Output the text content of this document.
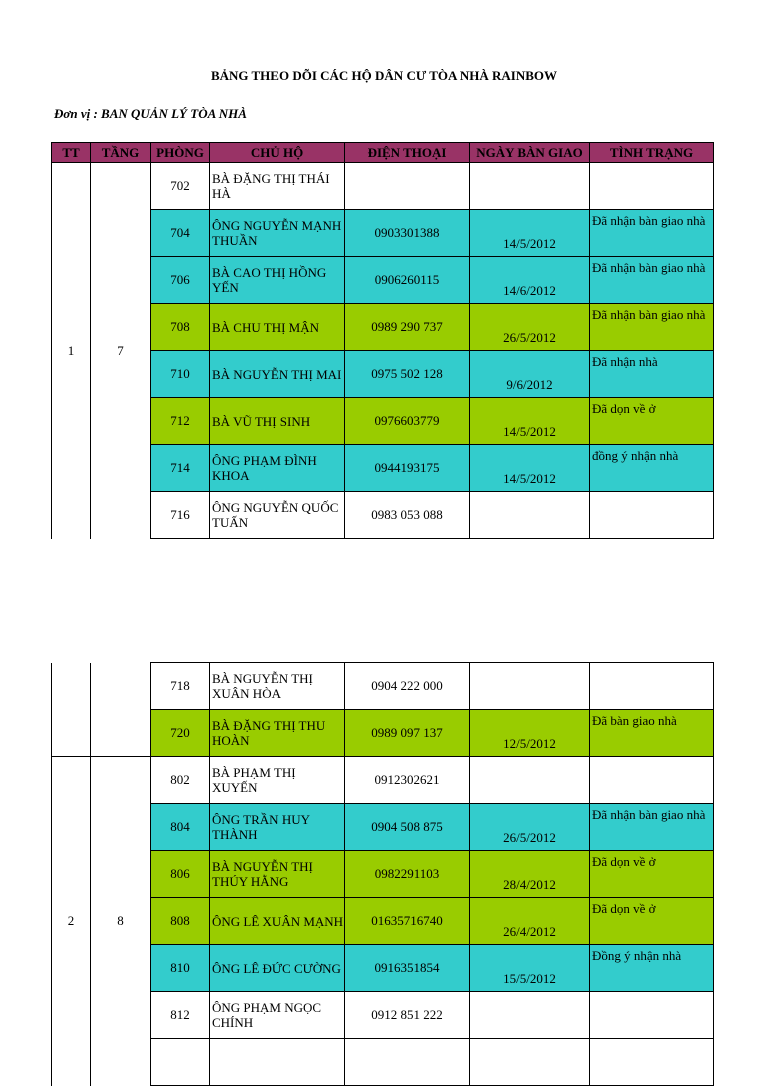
BẢNG THEO DÕI CÁC HỘ DÂN CƯ TÒA NHÀ RAINBOW
Đơn vị : BAN QUẢN LÝ TÒA NHÀ
TT	TẦNG	PHÒNG	CHỦ HỘ	ĐIỆN THOẠI	NGÀY BÀN GIAO	TÌNH TRẠNG
1	7	702	BÀ ĐẶNG THỊ THÁI HÀ			
		704	ÔNG NGUYỄN MẠNH THUẦN	0903301388	14/5/2012	Đã nhận bàn giao nhà
		706	BÀ CAO THỊ HỒNG YẾN	0906260115	14/6/2012	Đã nhận bàn giao nhà
		708	BÀ CHU THỊ MẬN	0989 290 737	26/5/2012	Đã nhận bàn giao nhà
		710	BÀ NGUYỄN THỊ MAI	0975 502 128	9/6/2012	Đã nhận nhà
		712	BÀ VŨ THỊ SINH	0976603779	14/5/2012	Đã dọn về ở
		714	ÔNG PHẠM ĐÌNH KHOA	0944193175	14/5/2012	đồng ý nhận nhà
		716	ÔNG NGUYỄN QUỐC TUẤN	0983 053 088		
		718	BÀ NGUYỄN THỊ XUÂN HÒA	0904 222 000		
		720	BÀ ĐẶNG THỊ THU HOÀN	0989 097 137	12/5/2012	Đã bàn giao nhà
2	8	802	BÀ PHẠM THỊ XUYẾN	0912302621		
		804	ÔNG TRẦN HUY THÀNH	0904 508 875	26/5/2012	Đã nhận bàn giao nhà
		806	BÀ NGUYỄN THỊ THÚY HẰNG	0982291103	28/4/2012	Đã dọn về ở
		808	ÔNG LÊ XUÂN MẠNH	01635716740	26/4/2012	Đã dọn về ở
		810	ÔNG LÊ ĐỨC CƯỜNG	0916351854	15/5/2012	Đồng ý nhận nhà
		812	ÔNG PHẠM NGỌC CHÍNH	0912 851 222		
